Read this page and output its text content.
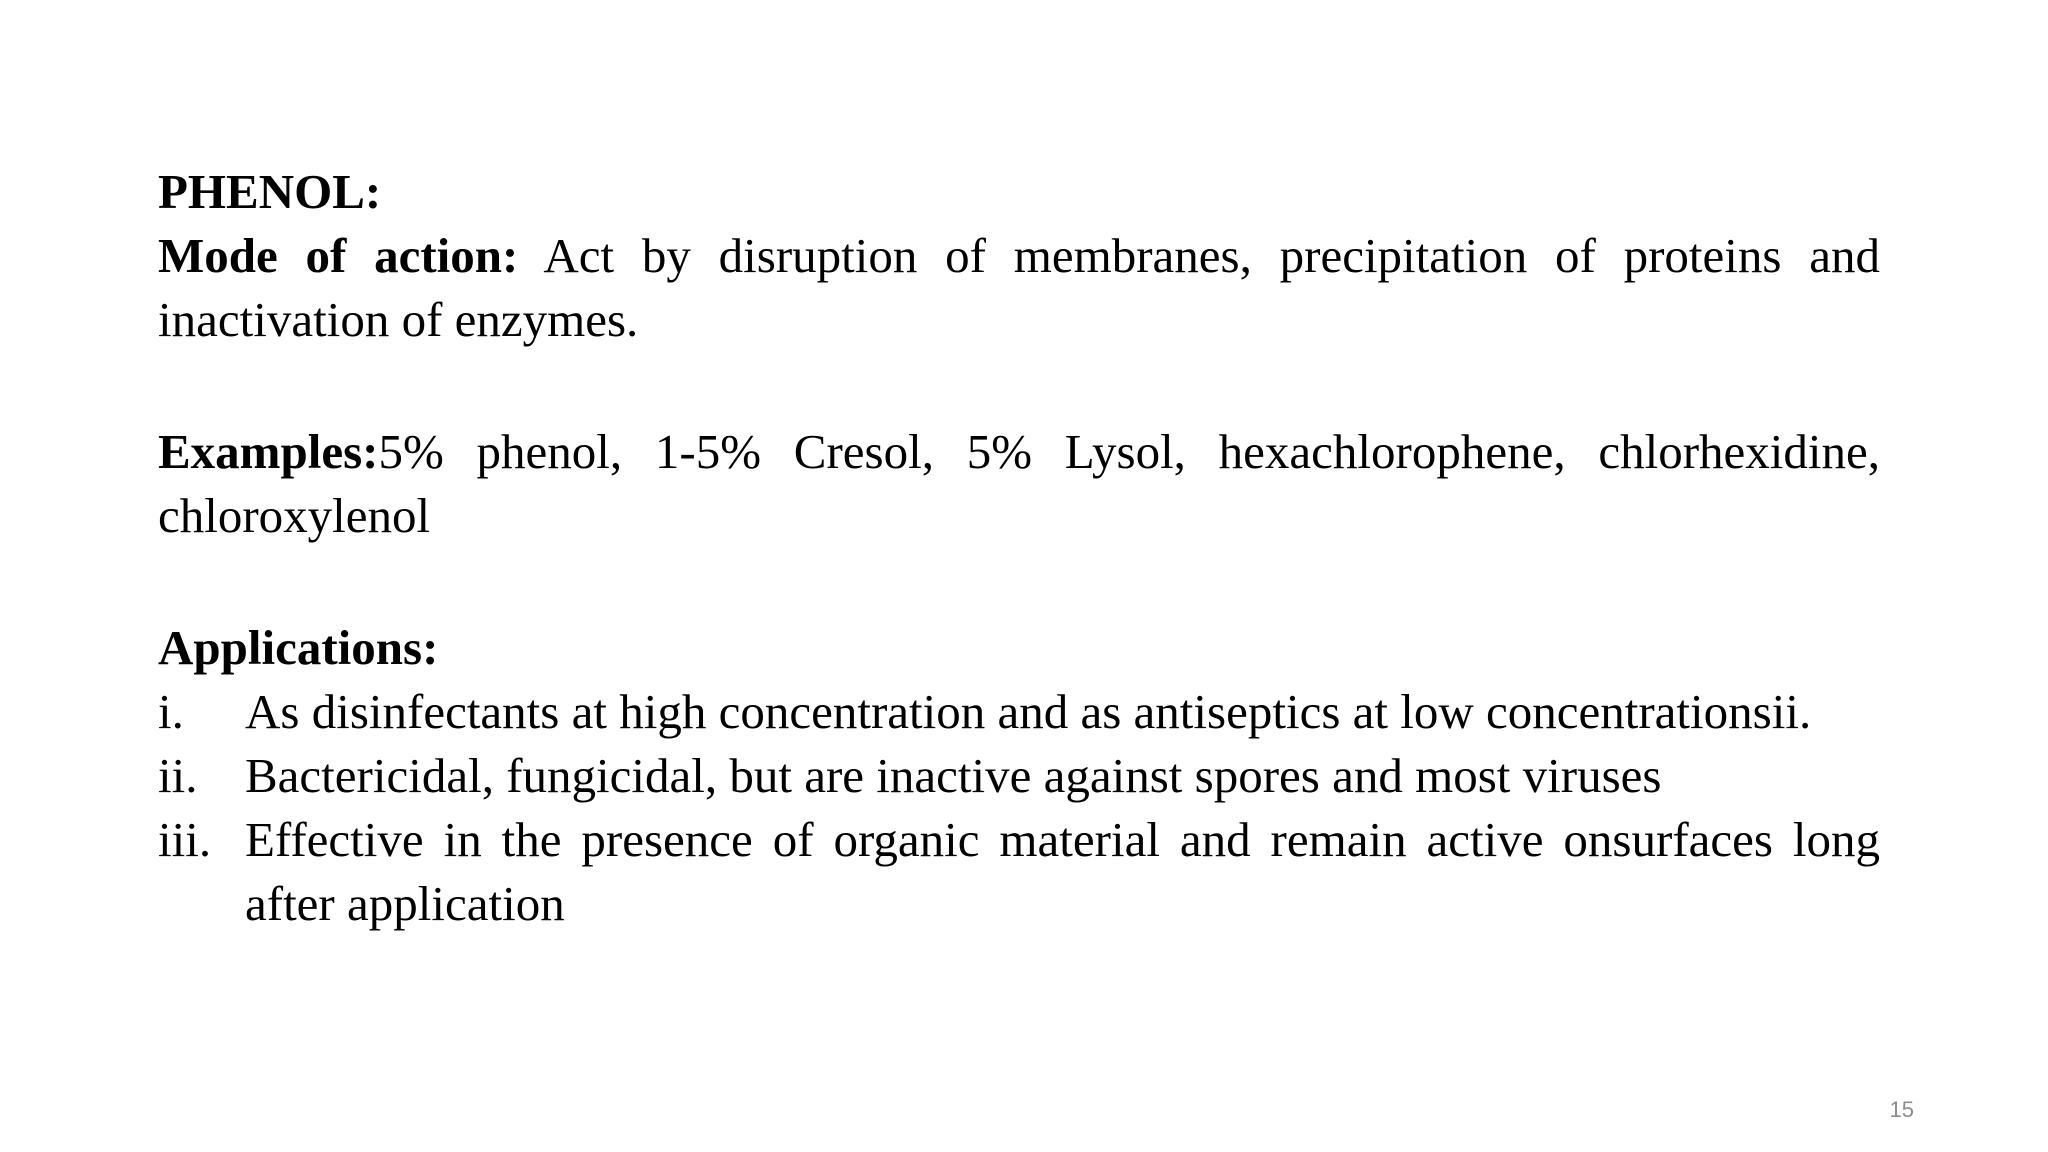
PHENOL:

Mode of action: Act by disruption of membranes, precipitation of proteins and inactivation of enzymes.

Examples:5% phenol, 1-5% Cresol, 5% Lysol, hexachlorophene, chlorhexidine, chloroxylenol

Applications:

i. As disinfectants at high concentration and as antiseptics at low concentrationsii.
ii. Bactericidal, fungicidal, but are inactive against spores and most viruses
iii. Effective in the presence of organic material and remain active onsurfaces long after application
15
